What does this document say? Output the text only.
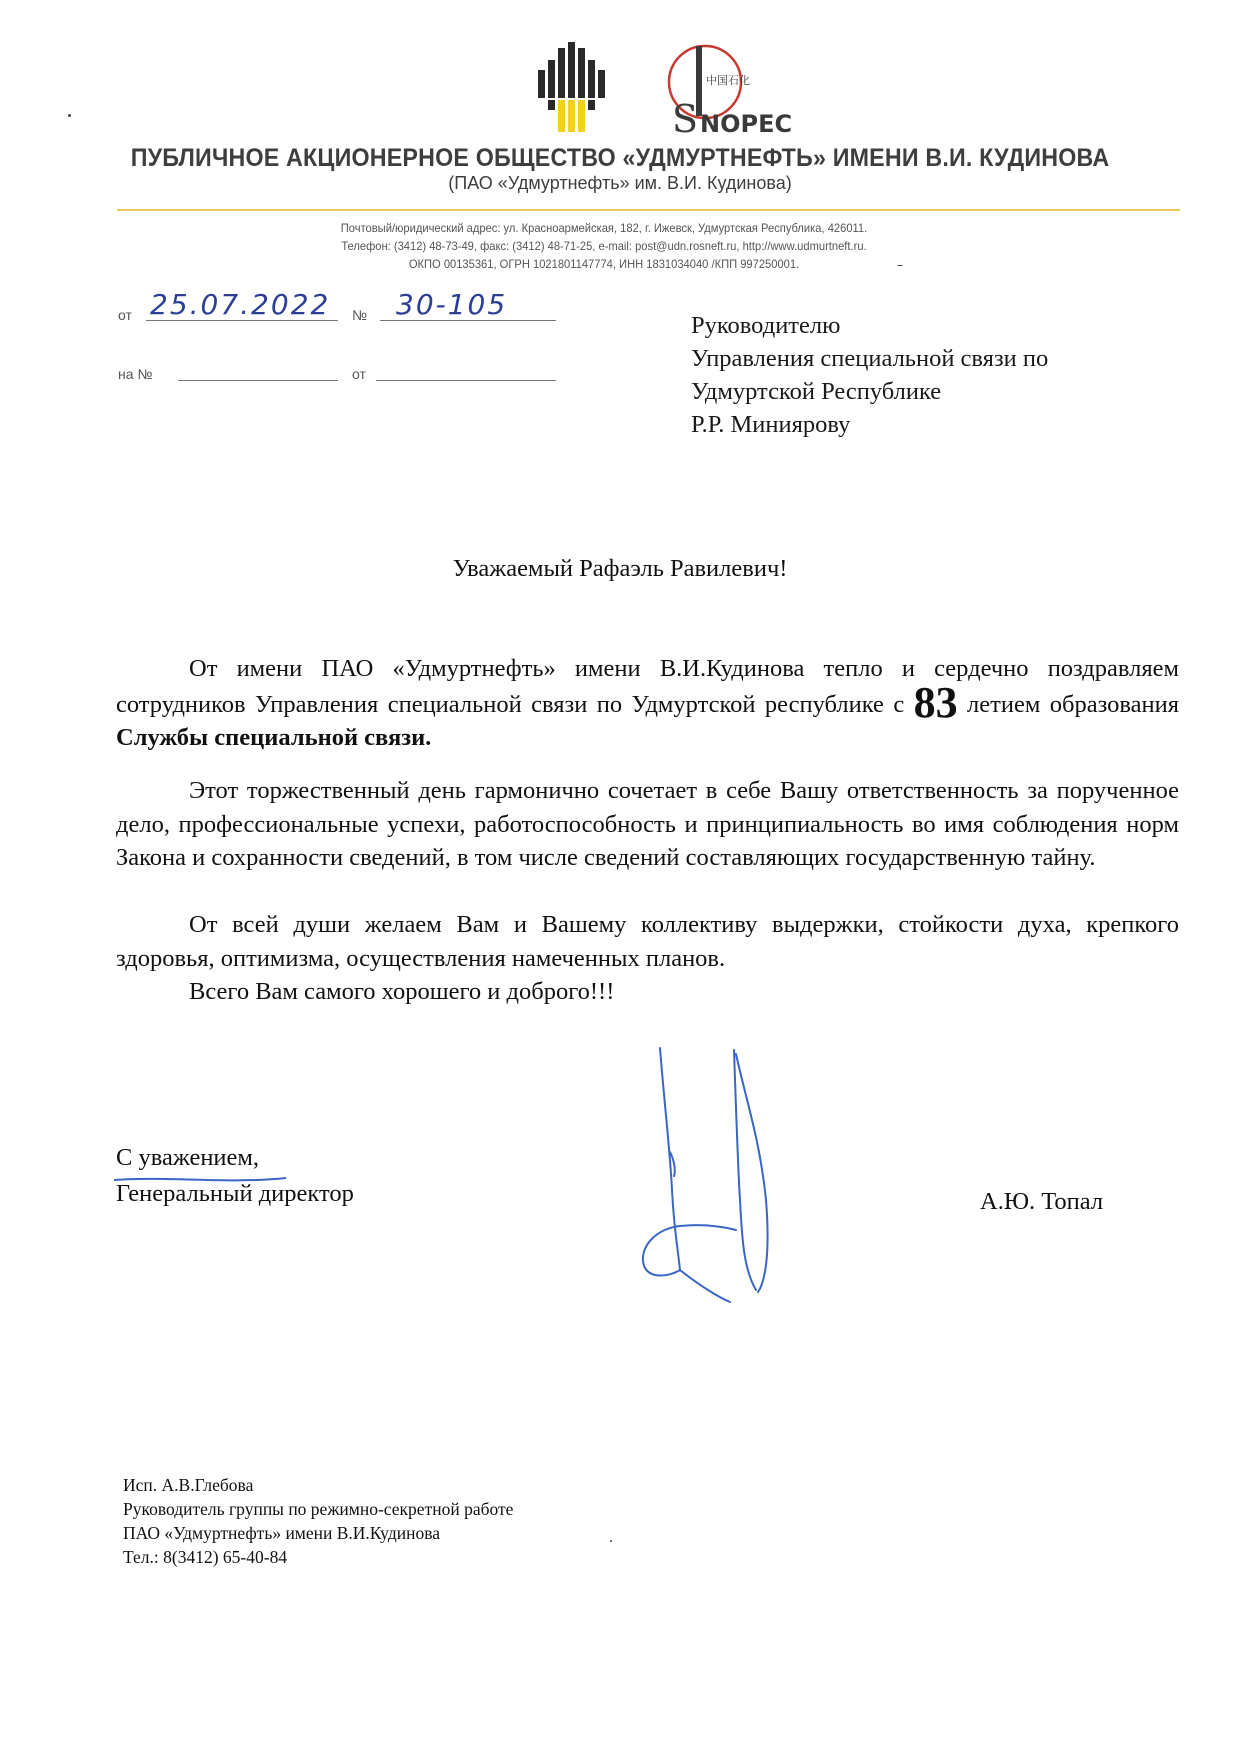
中国石化
S NOPEC
ПУБЛИЧНОЕ АКЦИОНЕРНОЕ ОБЩЕСТВО «УДМУРТНЕФТЬ» ИМЕНИ В.И. КУДИНОВА
(ПАО «Удмуртнефть» им. В.И. Кудинова)
Почтовый/юридический адрес: ул. Красноармейская, 182, г. Ижевск, Удмуртская Республика, 426011.
Телефон: (3412) 48-73-49, факс: (3412) 48-71-25, e-mail: post@udn.rosneft.ru, http://www.udmurtneft.ru.
ОКПО 00135361, ОГРН 1021801147774, ИНН 1831034040 /КПП 997250001.
от 25.07.2022 № 30-105
на №	от
Руководителю
Управления специальной связи по
Удмуртской Республике
Р.Р. Миниярову
Уважаемый Рафаэль Равилевич!
От имени ПАО «Удмуртнефть» имени В.И.Кудинова тепло и сердечно поздравляем сотрудников Управления специальной связи по Удмуртской республике с 83 летием образования Службы специальной связи.
Этот торжественный день гармонично сочетает в себе Вашу ответственность за порученное дело, профессиональные успехи, работоспособность и принципиальность во имя соблюдения норм Закона и сохранности сведений, в том числе сведений составляющих государственную тайну.
От всей души желаем Вам и Вашему коллективу выдержки, стойкости духа, крепкого здоровья, оптимизма, осуществления намеченных планов.
Всего Вам самого хорошего и доброго!!!
С уважением,
Генеральный директор	А.Ю. Топал
Исп. А.В.Глебова
Руководитель группы по режимно-секретной работе
ПАО «Удмуртнефть» имени В.И.Кудинова
Тел.: 8(3412) 65-40-84
